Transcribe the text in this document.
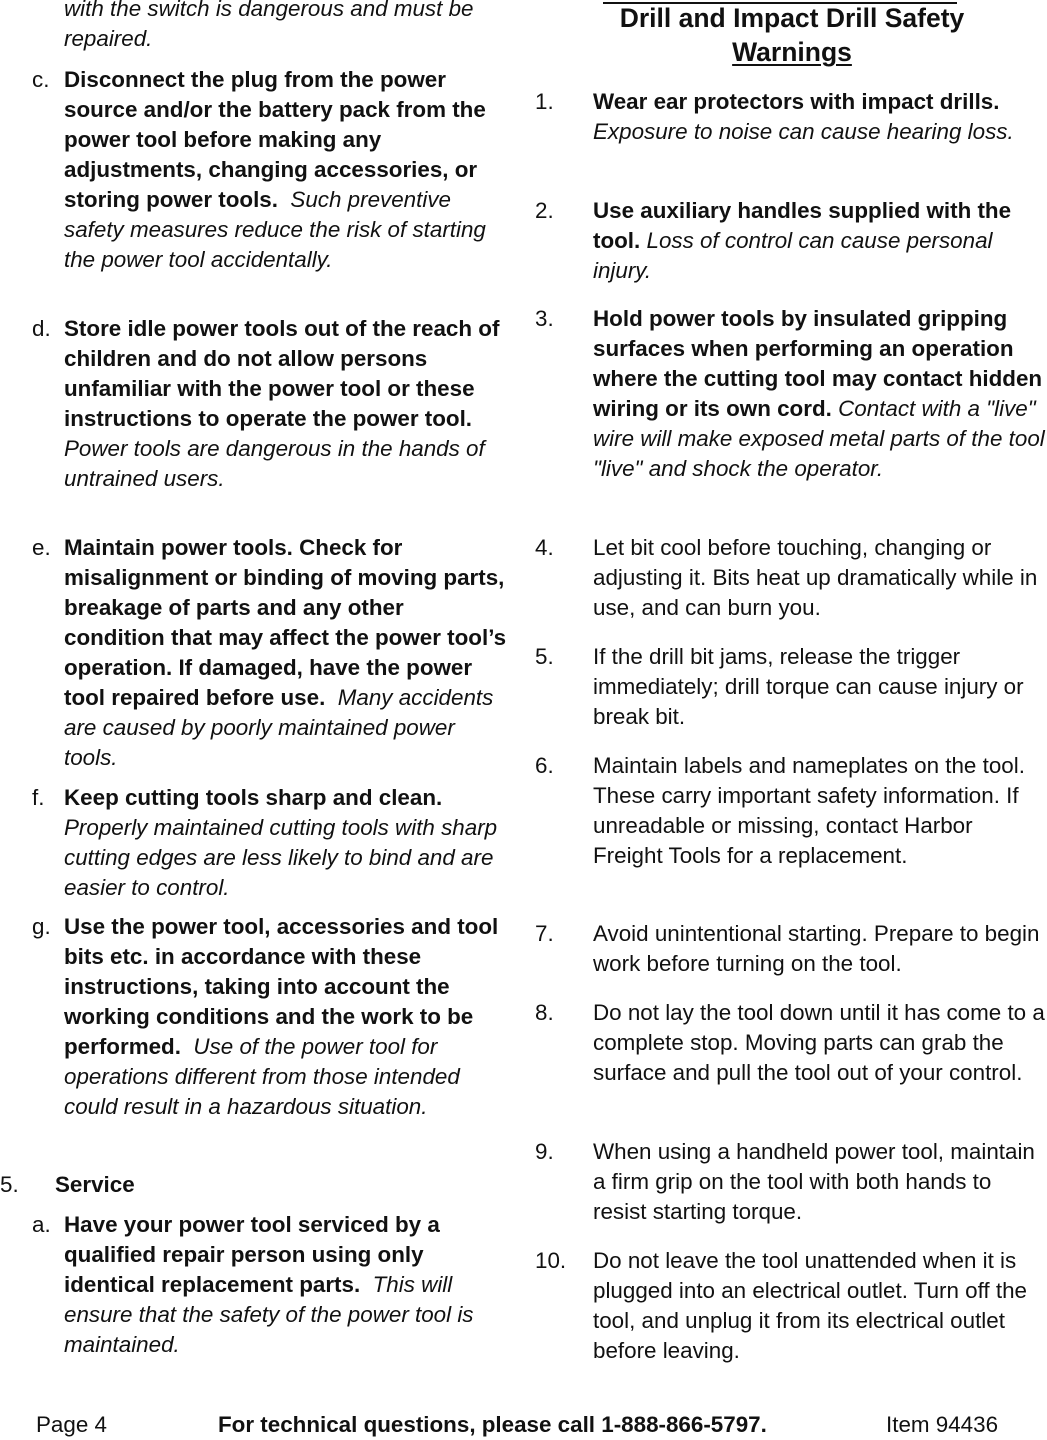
with the switch is dangerous and must be repaired.
c. Disconnect the plug from the power source and/or the battery pack from the power tool before making any adjustments, changing accessories, or storing power tools. Such preventive safety measures reduce the risk of starting the power tool accidentally.
d. Store idle power tools out of the reach of children and do not allow persons unfamiliar with the power tool or these instructions to operate the power tool.  Power tools are dangerous in the hands of untrained users.
e. Maintain power tools. Check for misalignment or binding of moving parts, breakage of parts and any other condition that may affect the power tool’s operation. If damaged, have the power tool repaired before use. Many accidents are caused by poorly maintained power tools.
f. Keep cutting tools sharp and clean. Properly maintained cutting tools with sharp cutting edges are less likely to bind and are easier to control.
g. Use the power tool, accessories and tool bits etc. in accordance with these instructions, taking into account the working conditions and the work to be performed. Use of the power tool for operations different from those intended could result in a hazardous situation.
5. Service
a. Have your power tool serviced by a qualified repair person using only identical replacement parts. This will ensure that the safety of the power tool is maintained.
Drill and Impact Drill Safety
Warnings
1. Wear ear protectors with impact drills. Exposure to noise can cause hearing loss.
2. Use auxiliary handles supplied with the tool. Loss of control can cause personal injury.
3. Hold power tools by insulated gripping surfaces when performing an operation where the cutting tool may contact hidden wiring or its own cord. Contact with a "live" wire will make exposed metal parts of the tool "live" and shock the operator.
4. Let bit cool before touching, changing or adjusting it. Bits heat up dramatically while in use, and can burn you.
5. If the drill bit jams, release the trigger immediately; drill torque can cause injury or break bit.
6. Maintain labels and nameplates on the tool. These carry important safety information. If unreadable or missing, contact Harbor Freight Tools for a replacement.
7. Avoid unintentional starting. Prepare to begin work before turning on the tool.
8. Do not lay the tool down until it has come to a complete stop. Moving parts can grab the surface and pull the tool out of your control.
9. When using a handheld power tool, maintain a firm grip on the tool with both hands to resist starting torque.
10. Do not leave the tool unattended when it is plugged into an electrical outlet. Turn off the tool, and unplug it from its electrical outlet before leaving.
Page 4	For technical questions, please call 1-888-866-5797.	Item 94436
